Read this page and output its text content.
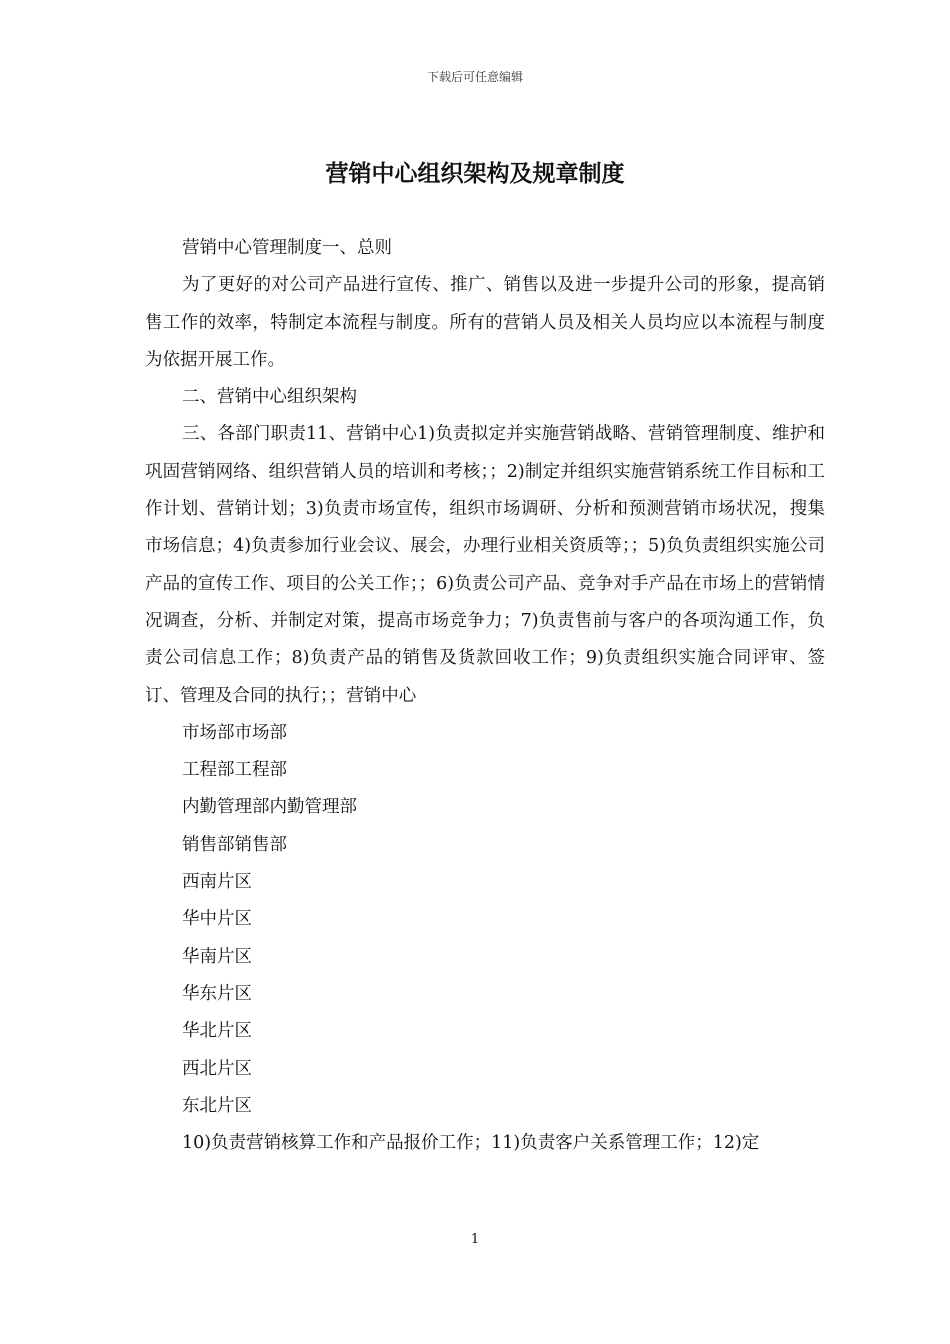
下载后可任意编辑
营销中心组织架构及规章制度

营销中心管理制度一、总则

为了更好的对公司产品进行宣传、推广、销售以及进一步提升公司的形象，提高销售工作的效率，特制定本流程与制度。所有的营销人员及相关人员均应以本流程与制度为依据开展工作。

二、营销中心组织架构

三、各部门职责11、营销中心1)负责拟定并实施营销战略、营销管理制度、维护和巩固营销网络、组织营销人员的培训和考核；；2)制定并组织实施营销系统工作目标和工作计划、营销计划；3)负责市场宣传，组织市场调研、分析和预测营销市场状况，搜集市场信息；4)负责参加行业会议、展会，办理行业相关资质等；；5)负负责组织实施公司产品的宣传工作、项目的公关工作；；6)负责公司产品、竞争对手产品在市场上的营销情况调查，分析、并制定对策，提高市场竞争力；7)负责售前与客户的各项沟通工作，负责公司信息工作；8)负责产品的销售及货款回收工作；9)负责组织实施合同评审、签订、管理及合同的执行；；营销中心

市场部市场部

工程部工程部

内勤管理部内勤管理部

销售部销售部

西南片区

华中片区

华南片区

华东片区

华北片区

西北片区

东北片区

10)负责营销核算工作和产品报价工作；11)负责客户关系管理工作；12)定

1
